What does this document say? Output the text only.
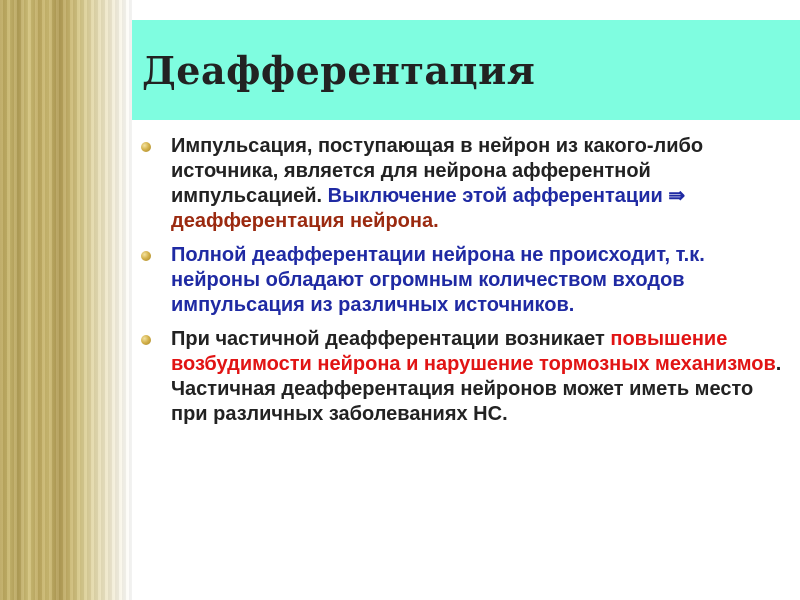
Деафферентация
Импульсация, поступающая в нейрон из какого-либо источника, является для нейрона афферентной импульсацией. Выключение этой афферентации ⇛ деафферентация нейрона.
Полной деафферентации нейрона не происходит, т.к. нейроны обладают огромным количеством входов импульсация из различных источников.
При частичной деафферентации возникает повышение возбудимости нейрона и нарушение тормозных механизмов. Частичная деафферентация нейронов может иметь место при различных заболеваниях НС.
